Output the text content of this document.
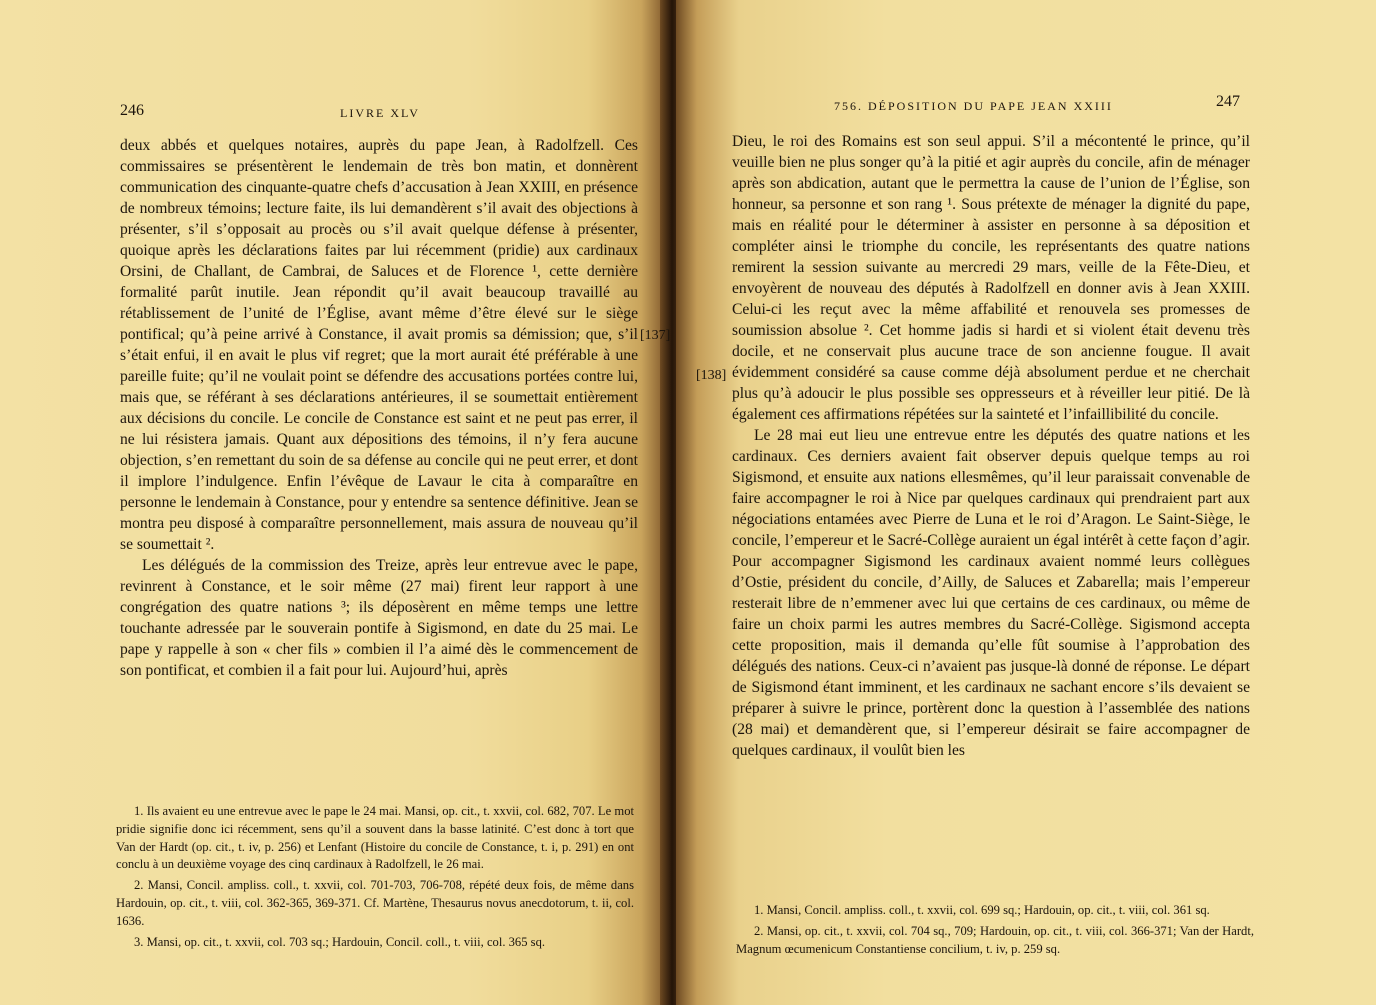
246	LIVRE XLV

deux abbés et quelques notaires, auprès du pape Jean, à Radolfzell. Ces commissaires se présentèrent le lendemain de très bon matin, et donnèrent communication des cinquante-quatre chefs d’accusation à Jean XXIII, en présence de nombreux témoins; lecture faite, ils lui demandèrent s’il avait des objections à présenter, s’il s’opposait au procès ou s’il avait quelque défense à présenter, quoique après les déclarations faites par lui récemment (pridie) aux cardinaux Orsini, de Challant, de Cambrai, de Saluces et de Florence ¹, cette dernière formalité parût inutile. Jean répondit qu’il avait beaucoup travaillé au rétablissement de l’unité de l’Église, avant même d’être élevé sur le siège pontifical; qu’à peine arrivé à Constance, il avait promis sa démission; que, s’il s’était enfui, il en avait le plus vif regret; que la mort aurait été préférable à une pareille fuite; qu’il ne voulait point se défendre des accusations portées contre lui, mais que, se référant à ses déclarations antérieures, il se soumettait entièrement aux décisions du concile. Le concile de Constance est saint et ne peut pas errer, il ne lui résistera jamais. Quant aux dépositions des témoins, il n’y fera aucune objection, s’en remettant du soin de sa défense au concile qui ne peut errer, et dont il implore l’indulgence. Enfin l’évêque de Lavaur le cita à comparaître en personne le lendemain à Constance, pour y entendre sa sentence définitive. Jean se montra peu disposé à comparaître personnellement, mais assura de nouveau qu’il se soumettait ².

Les délégués de la commission des Treize, après leur entrevue avec le pape, revinrent à Constance, et le soir même (27 mai) firent leur rapport à une congrégation des quatre nations ³; ils déposèrent en même temps une lettre touchante adressée par le souverain pontife à Sigismond, en date du 25 mai. Le pape y rappelle à son « cher fils » combien il l’a aimé dès le commencement de son pontificat, et combien il a fait pour lui. Aujourd’hui, après

1. Ils avaient eu une entrevue avec le pape le 24 mai. Mansi, op. cit., t. xxvii, col. 682, 707. Le mot pridie signifie donc ici récemment, sens qu’il a souvent dans la basse latinité. C’est donc à tort que Van der Hardt (op. cit., t. iv, p. 256) et Lenfant (Histoire du concile de Constance, t. i, p. 291) en ont conclu à un deuxième voyage des cinq cardinaux à Radolfzell, le 26 mai.

2. Mansi, Concil. ampliss. coll., t. xxvii, col. 701-703, 706-708, répété deux fois, de même dans Hardouin, op. cit., t. viii, col. 362-365, 369-371. Cf. Martène, Thesaurus novus anecdotorum, t. ii, col. 1636.

3. Mansi, op. cit., t. xxvii, col. 703 sq.; Hardouin, Concil. coll., t. viii, col. 365 sq.

[137]
756. DÉPOSITION DU PAPE JEAN XXIII	247

Dieu, le roi des Romains est son seul appui. S’il a mécontenté le prince, qu’il veuille bien ne plus songer qu’à la pitié et agir auprès du concile, afin de ménager après son abdication, autant que le permettra la cause de l’union de l’Église, son honneur, sa personne et son rang ¹. Sous prétexte de ménager la dignité du pape, mais en réalité pour le déterminer à assister en personne à sa déposition et compléter ainsi le triomphe du concile, les représentants des quatre nations remirent la session suivante au mercredi 29 mars, veille de la Fête-Dieu, et envoyèrent de nouveau des députés à Radolfzell en donner avis à Jean XXIII. Celui-ci les reçut avec la même affabilité et renouvela ses promesses de soumission absolue ². Cet homme jadis si hardi et si violent était devenu très docile, et ne conservait plus aucune trace de son ancienne fougue. Il avait évidemment considéré sa cause comme déjà absolument perdue et ne cherchait plus qu’à adoucir le plus possible ses oppresseurs et à réveiller leur pitié. De là également ces affirmations répétées sur la sainteté et l’infaillibilité du concile.

Le 28 mai eut lieu une entrevue entre les députés des quatre nations et les cardinaux. Ces derniers avaient fait observer depuis quelque temps au roi Sigismond, et ensuite aux nations ellesmêmes, qu’il leur paraissait convenable de faire accompagner le roi à Nice par quelques cardinaux qui prendraient part aux négociations entamées avec Pierre de Luna et le roi d’Aragon. Le Saint-Siège, le concile, l’empereur et le Sacré-Collège auraient un égal intérêt à cette façon d’agir. Pour accompagner Sigismond les cardinaux avaient nommé leurs collègues d’Ostie, président du concile, d’Ailly, de Saluces et Zabarella; mais l’empereur resterait libre de n’emmener avec lui que certains de ces cardinaux, ou même de faire un choix parmi les autres membres du Sacré-Collège. Sigismond accepta cette proposition, mais il demanda qu’elle fût soumise à l’approbation des délégués des nations. Ceux-ci n’avaient pas jusque-là donné de réponse. Le départ de Sigismond étant imminent, et les cardinaux ne sachant encore s’ils devaient se préparer à suivre le prince, portèrent donc la question à l’assemblée des nations (28 mai) et demandèrent que, si l’empereur désirait se faire accompagner de quelques cardinaux, il voulût bien les

[138]

1. Mansi, Concil. ampliss. coll., t. xxvii, col. 699 sq.; Hardouin, op. cit., t. viii, col. 361 sq.

2. Mansi, op. cit., t. xxvii, col. 704 sq., 709; Hardouin, op. cit., t. viii, col. 366-371; Van der Hardt, Magnum œcumenicum Constantiense concilium, t. iv, p. 259 sq.
